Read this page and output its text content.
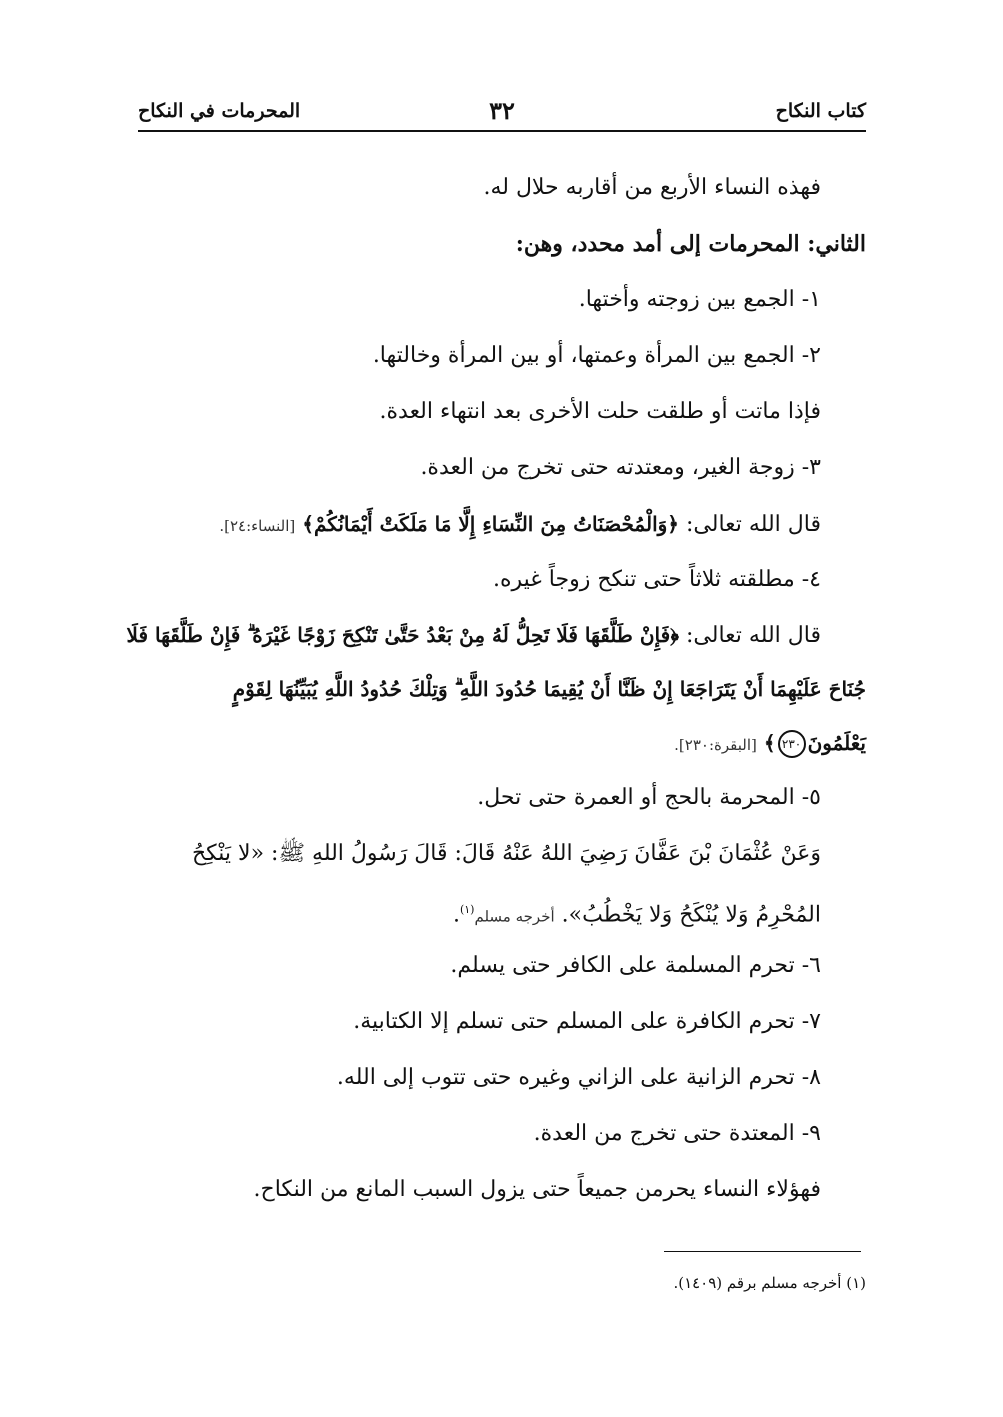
كتاب النكاح
٣٢
المحرمات في النكاح
فهذه النساء الأربع من أقاربه حلال له.
الثاني: المحرمات إلى أمد محدد، وهن:
١- الجمع بين زوجته وأختها.
٢- الجمع بين المرأة وعمتها، أو بين المرأة وخالتها.
فإذا ماتت أو طلقت حلت الأخرى بعد انتهاء العدة.
٣- زوجة الغير، ومعتدته حتى تخرج من العدة.
قال الله تعالى: ﴿وَالْمُحْصَنَاتُ مِنَ النِّسَاءِ إِلَّا مَا مَلَكَتْ أَيْمَانُكُمْ﴾ [النساء:٢٤].
٤- مطلقته ثلاثاً حتى تنكح زوجاً غيره.
قال الله تعالى: ﴿فَإِنْ طَلَّقَهَا فَلَا تَحِلُّ لَهُ مِنْ بَعْدُ حَتَّىٰ تَنْكِحَ زَوْجًا غَيْرَهُ ۗ فَإِنْ طَلَّقَهَا فَلَا
جُنَاحَ عَلَيْهِمَا أَنْ يَتَرَاجَعَا إِنْ ظَنَّا أَنْ يُقِيمَا حُدُودَ اللَّهِ ۗ وَتِلْكَ حُدُودُ اللَّهِ يُبَيِّنُهَا لِقَوْمٍ
يَعْلَمُونَ٢٣٠﴾ [البقرة:٢٣٠].
٥- المحرمة بالحج أو العمرة حتى تحل.
وَعَنْ عُثْمَانَ بْنَ عَفَّانَ رَضِيَ اللهُ عَنْهُ قَالَ: قَالَ رَسُولُ اللهِ ﷺ: «لا يَنْكِحُ
المُحْرِمُ وَلا يُنْكَحُ وَلا يَخْطُبُ». أخرجه مسلم$^{(١)}$.
٦- تحرم المسلمة على الكافر حتى يسلم.
٧- تحرم الكافرة على المسلم حتى تسلم إلا الكتابية.
٨- تحرم الزانية على الزاني وغيره حتى تتوب إلى الله.
٩- المعتدة حتى تخرج من العدة.
فهؤلاء النساء يحرمن جميعاً حتى يزول السبب المانع من النكاح.
(١) أخرجه مسلم برقم (١٤٠٩).
